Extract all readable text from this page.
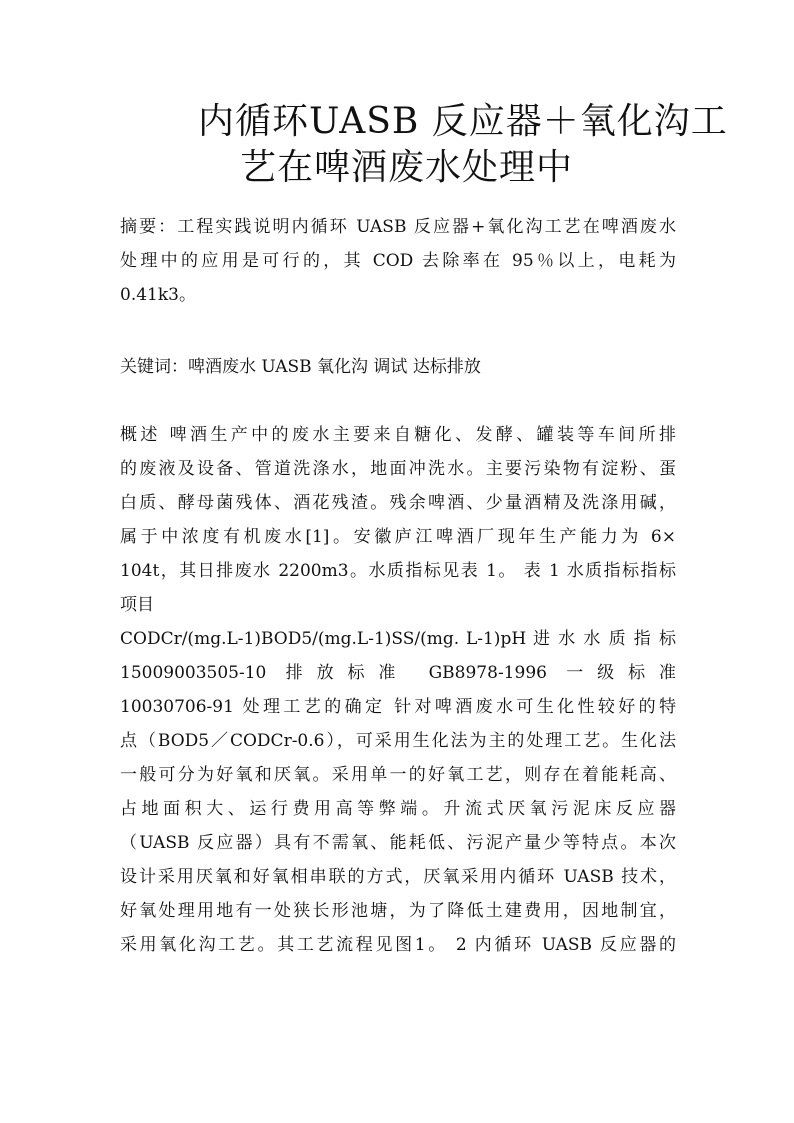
内循环UASB 反应器＋氧化沟工
艺在啤酒废水处理中
摘要：工程实践说明内循环 UASB 反应器+氧化沟工艺在啤酒废水
处理中的应用是可行的，其 COD 去除率在 95％以上，电耗为
0.41k3。
关键词：啤酒废水 UASB 氧化沟 调试 达标排放
概述 啤酒生产中的废水主要来自糖化、发酵、罐装等车间所排
的废液及设备、管道洗涤水，地面冲洗水。主要污染物有淀粉、蛋
白质、酵母菌残体、酒花残渣。残余啤酒、少量酒精及洗涤用碱，
属于中浓度有机废水[1]。安徽庐江啤酒厂现年生产能力为 6×
104t，其日排废水 2200m3。水质指标见表 1。 表 1 水质指标指标
项目
CODCr/(mg.L-1)BOD5/(mg.L-1)SS/(mg. L-1)pH 进 水 水 质 指 标
15009003505-10 排放标准 GB8978-1996 一级标准
10030706-91 处理工艺的确定 针对啤酒废水可生化性较好的特
点（BOD5／CODCr-0.6），可采用生化法为主的处理工艺。生化法
一般可分为好氧和厌氧。采用单一的好氧工艺，则存在着能耗高、
占地面积大、运行费用高等弊端。升流式厌氧污泥床反应器
（UASB 反应器）具有不需氧、能耗低、污泥产量少等特点。本次
设计采用厌氧和好氧相串联的方式，厌氧采用内循环 UASB 技术，
好氧处理用地有一处狭长形池塘，为了降低土建费用，因地制宜，
采用氧化沟工艺。其工艺流程见图1。 2 内循环 UASB 反应器的
